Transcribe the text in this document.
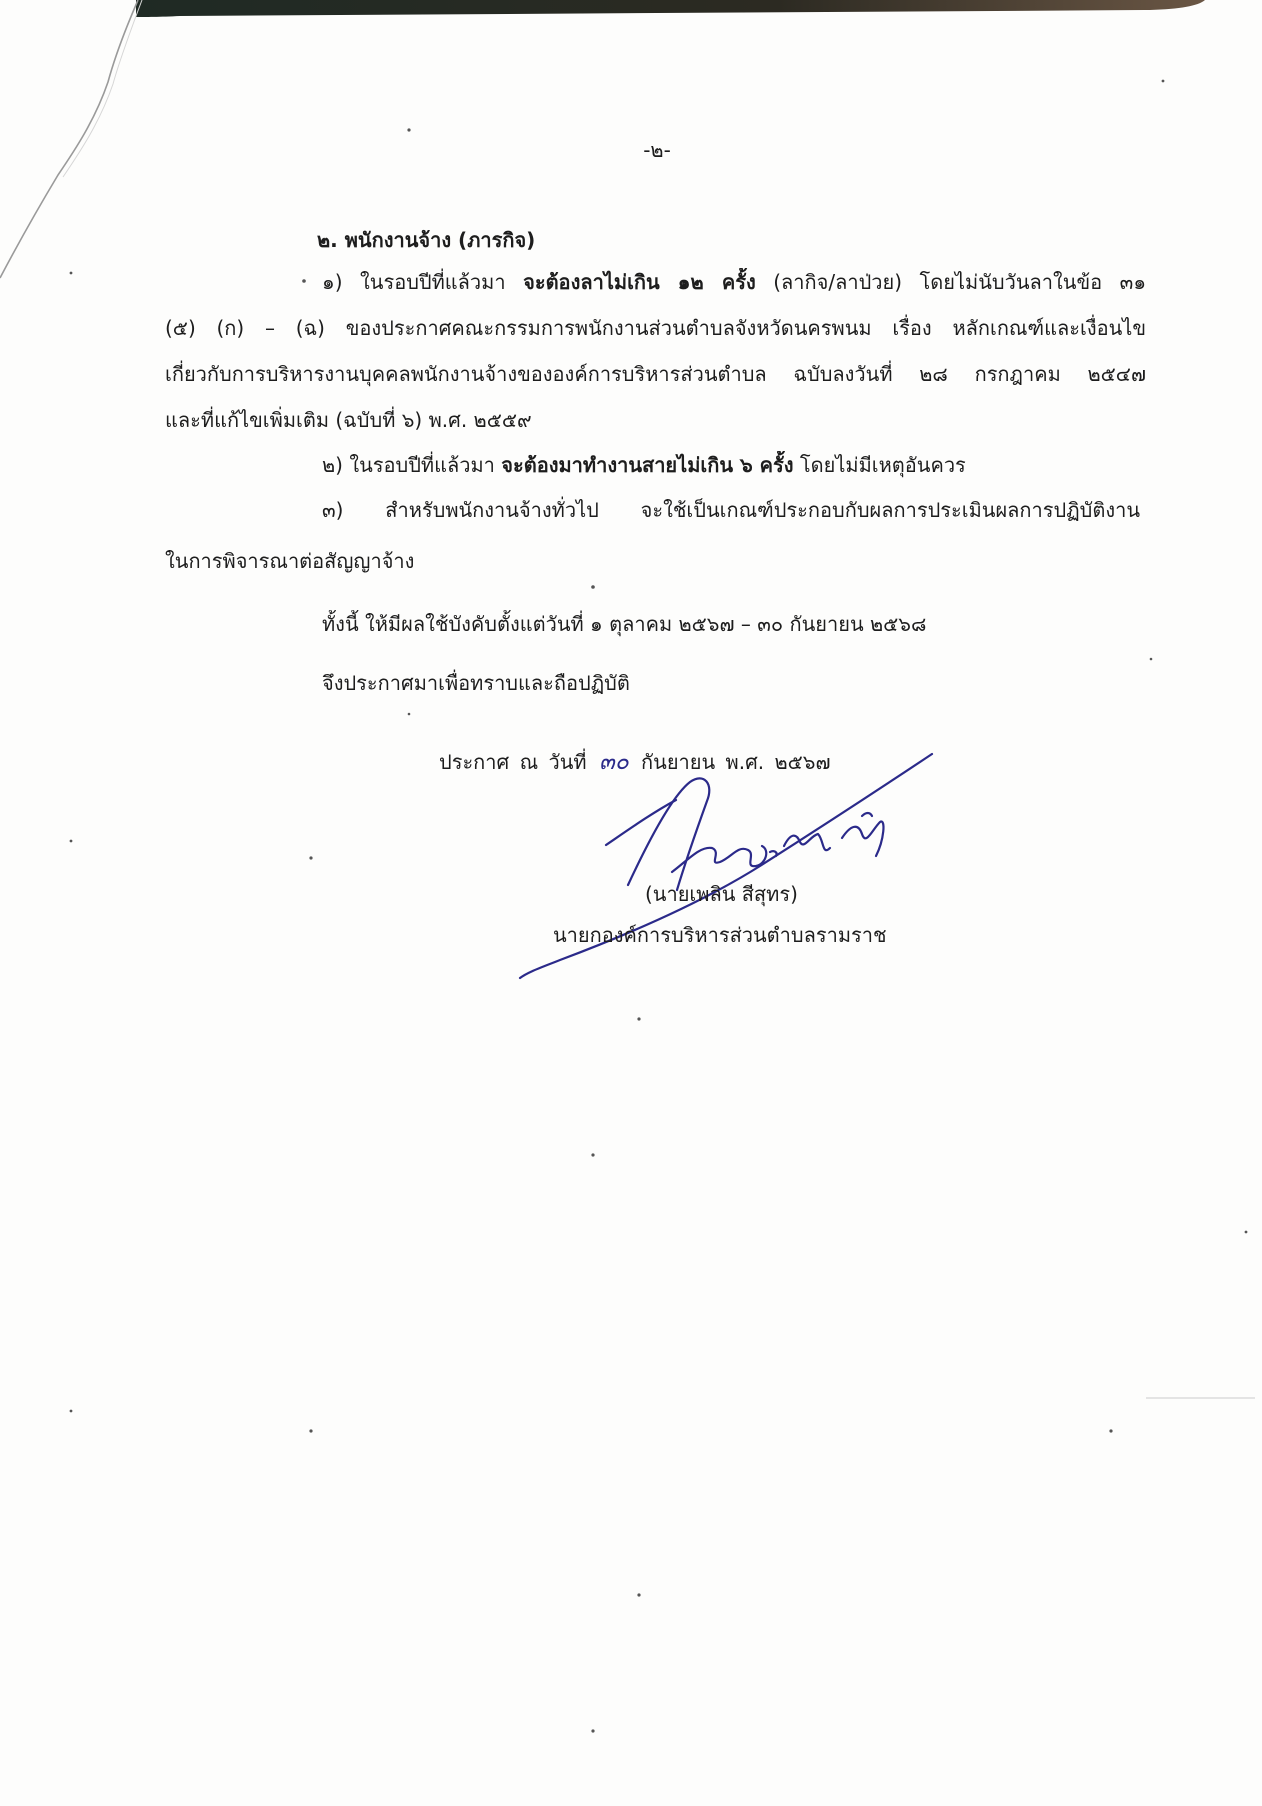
-๒-
๒. พนักงานจ้าง (ภารกิจ)
๑) ในรอบปีที่แล้วมา จะต้องลาไม่เกิน ๑๒ ครั้ง (ลากิจ/ลาป่วย) โดยไม่นับวันลาในข้อ ๓๑
(๕) (ก) – (ฉ) ของประกาศคณะกรรมการพนักงานส่วนตำบลจังหวัดนครพนม เรื่อง หลักเกณฑ์และเงื่อนไข
เกี่ยวกับการบริหารงานบุคคลพนักงานจ้างขององค์การบริหารส่วนตำบล ฉบับลงวันที่ ๒๘ กรกฎาคม ๒๕๔๗
และที่แก้ไขเพิ่มเติม (ฉบับที่ ๖) พ.ศ. ๒๕๕๙
๒) ในรอบปีที่แล้วมา จะต้องมาทำงานสายไม่เกิน ๖ ครั้ง โดยไม่มีเหตุอันควร
๓) สำหรับพนักงานจ้างทั่วไป จะใช้เป็นเกณฑ์ประกอบกับผลการประเมินผลการปฏิบัติงาน
ในการพิจารณาต่อสัญญาจ้าง
ทั้งนี้ ให้มีผลใช้บังคับตั้งแต่วันที่ ๑ ตุลาคม ๒๕๖๗ – ๓๐ กันยายน ๒๕๖๘
จึงประกาศมาเพื่อทราบและถือปฏิบัติ
ประกาศ ณ วันที่ ๓๐ กันยายน พ.ศ. ๒๕๖๗
(นายเพลิน สีสุทร)
นายกองค์การบริหารส่วนตำบลรามราช
